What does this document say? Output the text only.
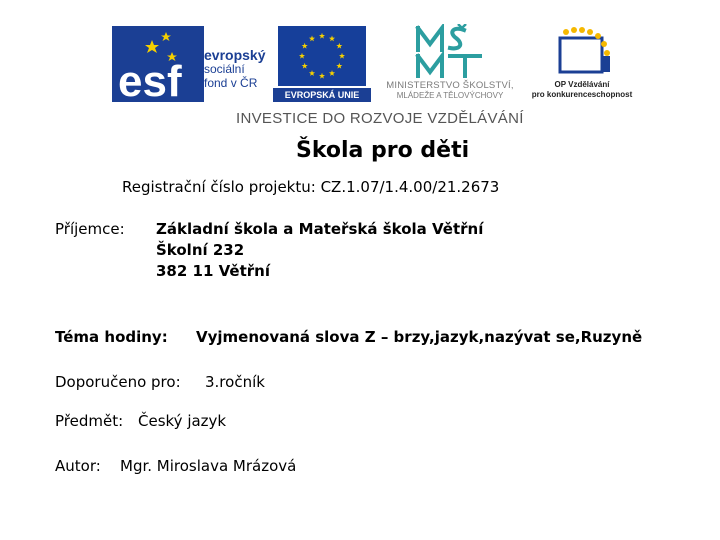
esf
evropský
sociální
fond v ČR
EVROPSKÁ UNIE
MINISTERSTVO ŠKOLSTVÍ,
MLÁDEŽE A TĚLOVÝCHOVY
OP Vzdělávání
pro konkurenceschopnost
INVESTICE DO ROZVOJE VZDĚLÁVÁNÍ
Škola pro děti
Registrační číslo projektu: CZ.1.07/1.4.00/21.2673
Příjemce: Základní škola a Mateřská škola Větřní
Školní 232
382 11 Větřní
Téma hodiny: Vyjmenovaná slova Z – brzy,jazyk,nazývat se,Ruzyně
Doporučeno pro: 3.ročník
Předmět: Český jazyk
Autor: Mgr. Miroslava Mrázová
